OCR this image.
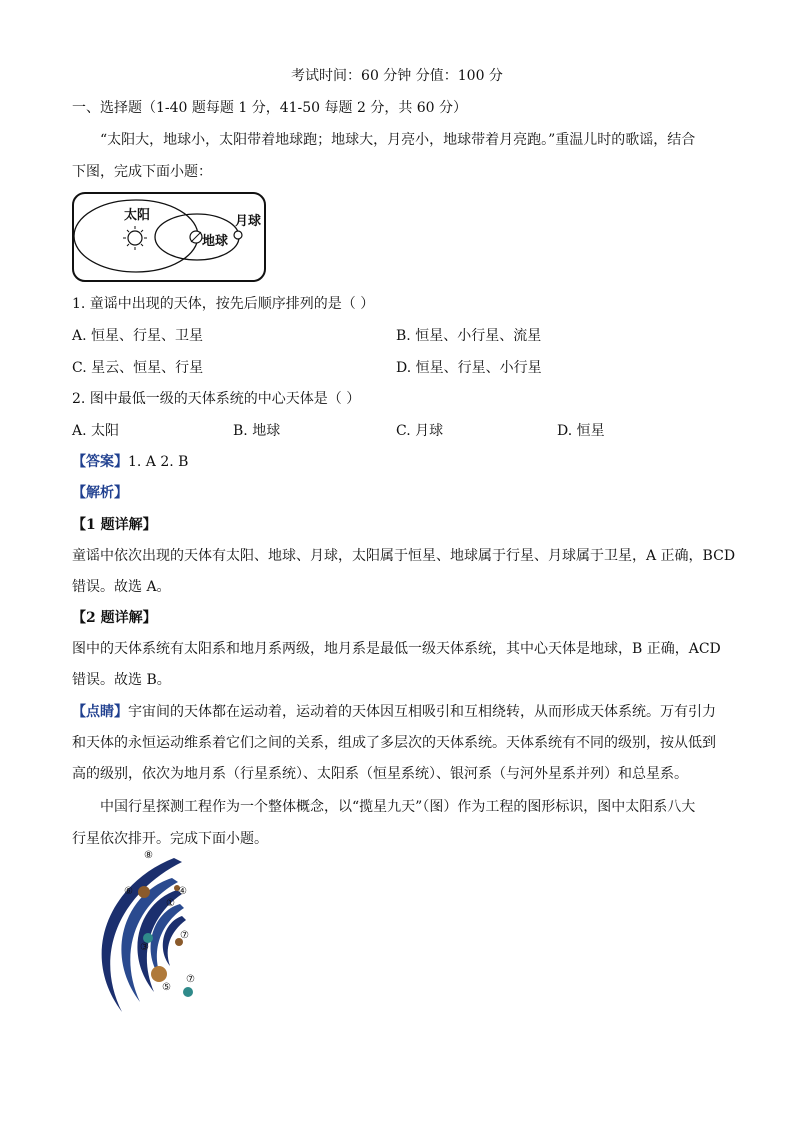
考试时间：60 分钟 分值：100 分
一、选择题（1-40 题每题 1 分，41-50 每题 2 分，共 60 分）
“太阳大，地球小，太阳带着地球跑；地球大，月亮小，地球带着月亮跑。”重温儿时的歌谣，结合
下图，完成下面小题：
太阳
地球
月球
1. 童谣中出现的天体，按先后顺序排列的是（ ）
A. 恒星、行星、卫星	B. 恒星、小行星、流星
C. 星云、恒星、行星	D. 恒星、行星、小行星
2. 图中最低一级的天体系统的中心天体是（ ）
A. 太阳	B. 地球	C. 月球	D. 恒星
【答案】1. A 2. B
【解析】
【1 题详解】
童谣中依次出现的天体有太阳、地球、月球，太阳属于恒星、地球属于行星、月球属于卫星，A 正确，BCD
错误。故选 A。
【2 题详解】
图中的天体系统有太阳系和地月系两级，地月系是最低一级天体系统，其中心天体是地球，B 正确，ACD
错误。故选 B。
【点睛】宇宙间的天体都在运动着，运动着的天体因互相吸引和互相绕转，从而形成天体系统。万有引力
和天体的永恒运动维系着它们之间的关系，组成了多层次的天体系统。天体系统有不同的级别，按从低到
高的级别，依次为地月系（行星系统）、太阳系（恒星系统）、银河系（与河外星系并列）和总星系。
中国行星探测工程作为一个整体概念，以“揽星九天”（图）作为工程的图形标识，图中太阳系八大
行星依次排开。完成下面小题。
⑧
⑥	④
①
⑦
③
⑤
⑦
